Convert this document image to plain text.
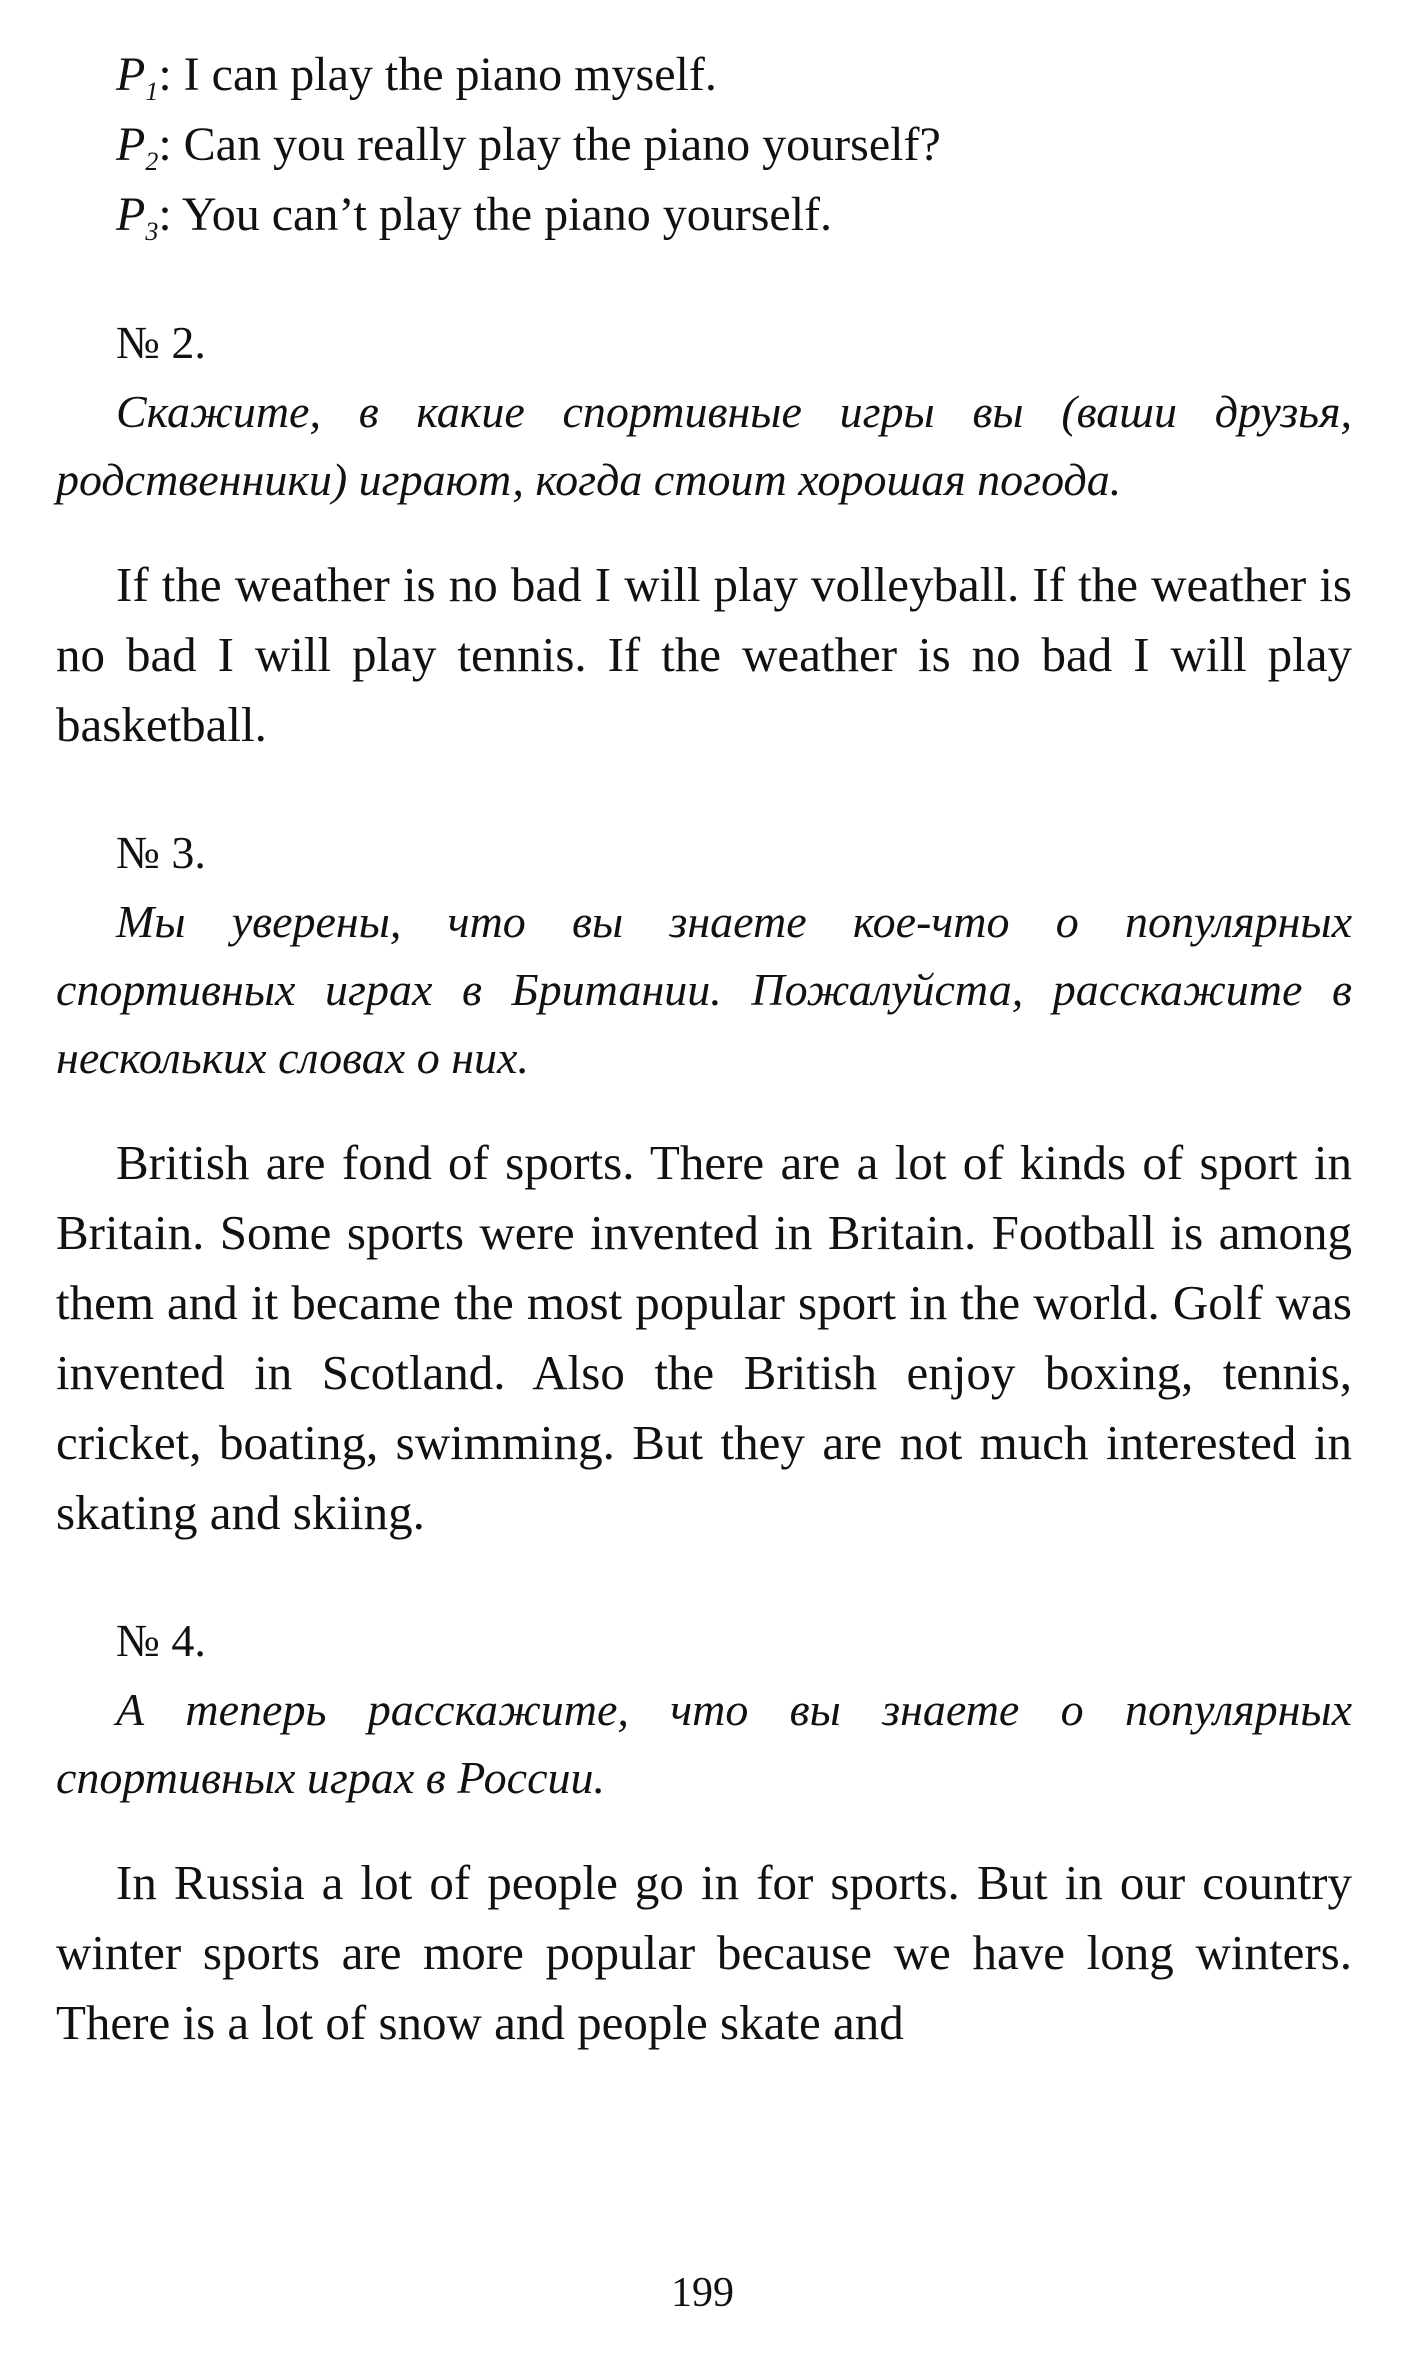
$P_1$: I can play the piano myself.
$P_2$: Can you really play the piano yourself?
$P_3$: You can’t play the piano yourself.
№ 2.

Скажите, в какие спортивные игры вы (ваши друзья, родственники) играют, когда стоит хорошая погода.

If the weather is no bad I will play volleyball. If the weather is no bad I will play tennis. If the weather is no bad I will play basketball.

№ 3.

Мы уверены, что вы знаете кое-что о популярных спортивных играх в Британии. Пожалуйста, расскажите в нескольких словах о них.

British are fond of sports. There are a lot of kinds of sport in Britain. Some sports were invented in Britain. Football is among them and it became the most popular sport in the world. Golf was invented in Scotland. Also the British enjoy boxing, tennis, cricket, boating, swimming. But they are not much interested in skating and skiing.

№ 4.

А теперь расскажите, что вы знаете о популярных спортивных играх в России.

In Russia a lot of people go in for sports. But in our country winter sports are more popular because we have long winters. There is a lot of snow and people skate and

199
